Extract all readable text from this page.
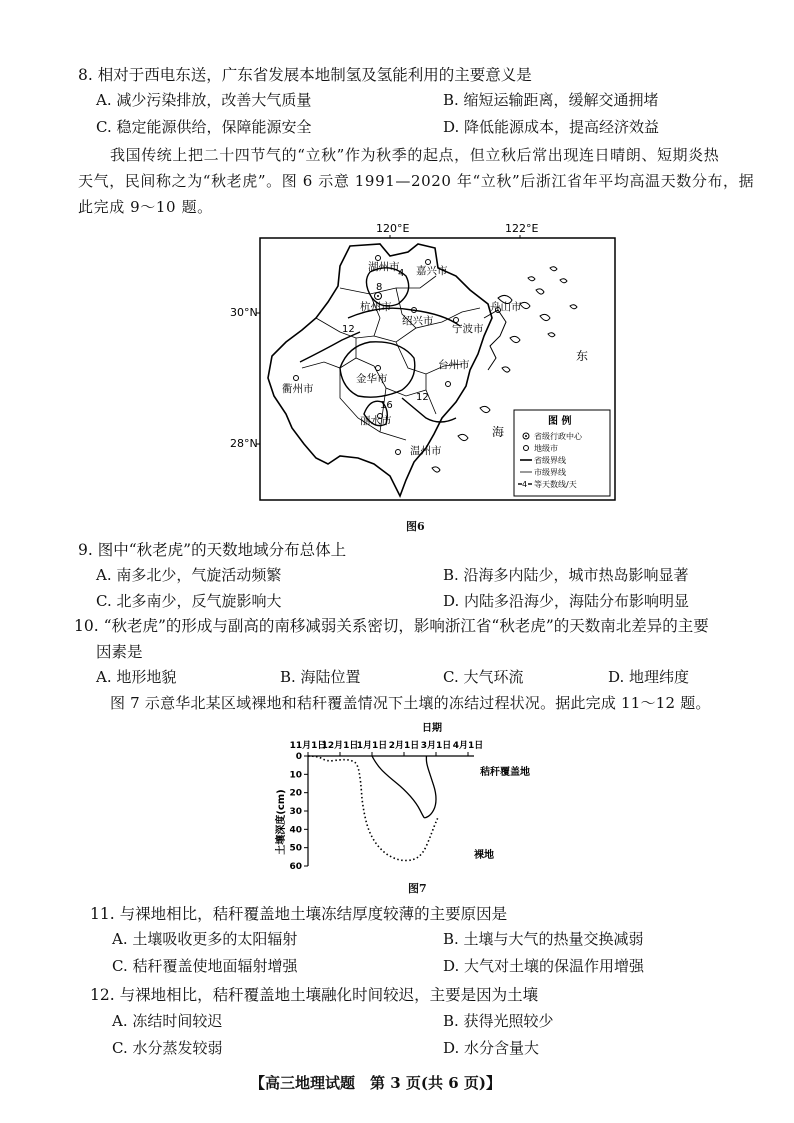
8. 相对于西电东送，广东省发展本地制氢及氢能利用的主要意义是
A. 减少污染排放，改善大气质量	B. 缩短运输距离，缓解交通拥堵
C. 稳定能源供给，保障能源安全	D. 降低能源成本，提高经济效益
我国传统上把二十四节气的“立秋”作为秋季的起点，但立秋后常出现连日晴朗、短期炎热
天气，民间称之为“秋老虎”。图 6 示意 1991—2020 年“立秋”后浙江省年平均高温天数分布，据
此完成 9～10 题。
120°E	122°E
30°N
28°N
4
8
12
16
12
湖州市 嘉兴市
杭州市
绍兴市
宁波市
舟山市
衢州市
金华市
台州市
丽水市
温州市
东
海
图 例
省级行政中心
地级市
省级界线
市级界线
4 等天数线/天
图6
9. 图中“秋老虎”的天数地域分布总体上
A. 南多北少，气旋活动频繁	B. 沿海多内陆少，城市热岛影响显著
C. 北多南少，反气旋影响大	D. 内陆多沿海少，海陆分布影响明显
10. “秋老虎”的形成与副高的南移减弱关系密切，影响浙江省“秋老虎”的天数南北差异的主要
因素是
A. 地形地貌	B. 海陆位置	C. 大气环流	D. 地理纬度
图 7 示意华北某区域裸地和秸秆覆盖情况下土壤的冻结过程状况。据此完成 11～12 题。
日期
11月1日
12月1日
1月1日 2月1日 3月1日 4月1日
0
10
20
30
40
50
60
土壤深度(cm)
秸秆覆盖地
裸地
图7
11. 与裸地相比，秸秆覆盖地土壤冻结厚度较薄的主要原因是
A. 土壤吸收更多的太阳辐射	B. 土壤与大气的热量交换减弱
C. 秸秆覆盖使地面辐射增强	D. 大气对土壤的保温作用增强
12. 与裸地相比，秸秆覆盖地土壤融化时间较迟，主要是因为土壤
A. 冻结时间较迟	B. 获得光照较少
C. 水分蒸发较弱	D. 水分含量大
【高三地理试题　第 3 页(共 6 页)】
